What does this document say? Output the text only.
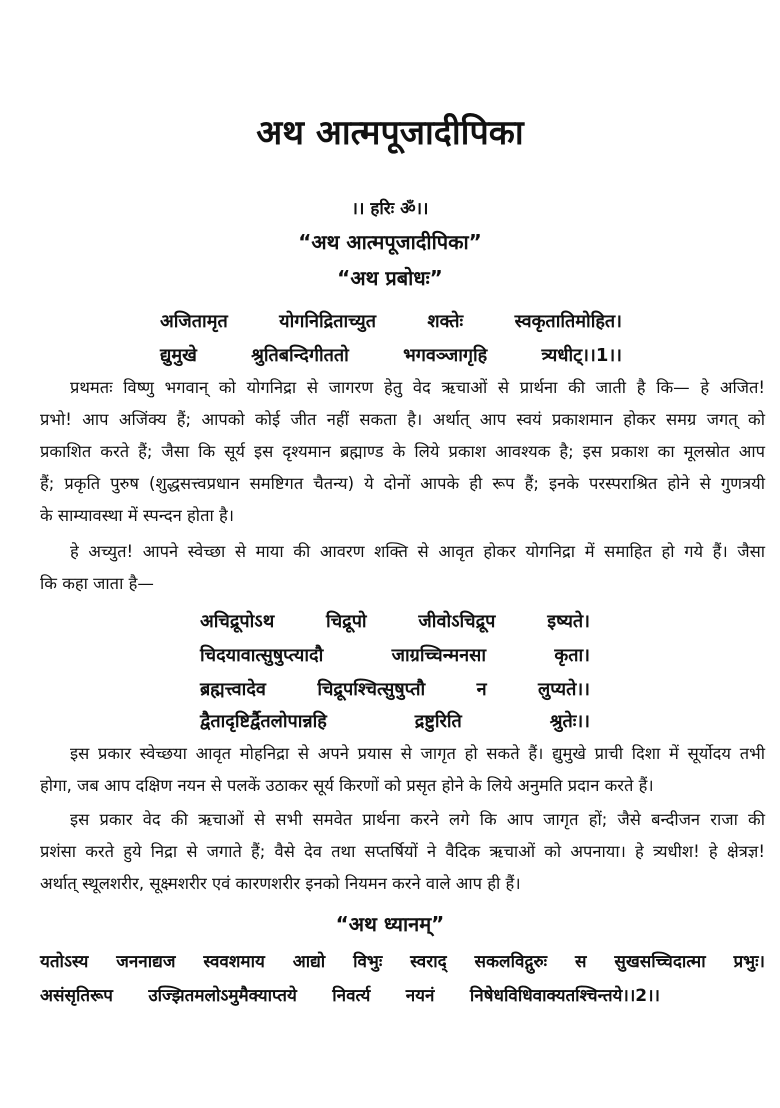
अथ आत्मपूजादीपिका
।। हरिः ॐ।।
“अथ आत्मपूजादीपिका”
“अथ प्रबोधः”
अजितामृत योगनिद्रिताच्युत शक्तेः स्वकृतातिमोहित।
द्युमुखे श्रुतिबन्दिगीततो भगवञ्जागृहि त्र्यधीट्।।1।।
प्रथमतः विष्णु भगवान् को योगनिद्रा से जागरण हेतु वेद ऋचाओं से प्रार्थना की जाती है कि— हे अजित!
प्रभो! आप अजिंक्य हैं; आपको कोई जीत नहीं सकता है। अर्थात् आप स्वयं प्रकाशमान होकर समग्र जगत् को
प्रकाशित करते हैं; जैसा कि सूर्य इस दृश्यमान ब्रह्माण्ड के लिये प्रकाश आवश्यक है; इस प्रकाश का मूलस्रोत आप
हैं; प्रकृति पुरुष (शुद्धसत्त्वप्रधान समष्टिगत चैतन्य) ये दोनों आपके ही रूप हैं; इनके परस्पराश्रित होने से गुणत्रयी
के साम्यावस्था में स्पन्दन होता है।
हे अच्युत! आपने स्वेच्छा से माया की आवरण शक्ति से आवृत होकर योगनिद्रा में समाहित हो गये हैं। जैसा
कि कहा जाता है—
अचिद्रूपोऽथ चिद्रूपो जीवोऽचिद्रूप इष्यते।
चिदयावात्सुषुप्त्यादौ जाग्रच्चिन्मनसा कृता।
ब्रह्मत्त्वादेव चिद्रूपश्चित्सुषुप्तौ न लुप्यते।।
द्वैतादृष्टिर्द्वैतलोपान्नहि द्रष्टुरिति श्रुतेः।।
इस प्रकार स्वेच्छया आवृत मोहनिद्रा से अपने प्रयास से जागृत हो सकते हैं। द्युमुखे प्राची दिशा में सूर्योदय तभी
होगा, जब आप दक्षिण नयन से पलकें उठाकर सूर्य किरणों को प्रसृत होने के लिये अनुमति प्रदान करते हैं।
इस प्रकार वेद की ऋचाओं से सभी समवेत प्रार्थना करने लगे कि आप जागृत हों; जैसे बन्दीजन राजा की
प्रशंसा करते हुये निद्रा से जगाते हैं; वैसे देव तथा सप्तर्षियों ने वैदिक ऋचाओं को अपनाया। हे त्र्यधीश! हे क्षेत्रज्ञ!
अर्थात् स्थूलशरीर, सूक्ष्मशरीर एवं कारणशरीर इनको नियमन करने वाले आप ही हैं।
“अथ ध्यानम्”
यतोऽस्य जननाद्यज स्ववशमाय आद्यो विभुः स्वराद् सकलविद्गुरुः स सुखसच्चिदात्मा प्रभुः।
असंसृतिरूप उज्झितमलोऽमुमैक्याप्तये निवर्त्य नयनं निषेधविधिवाक्यतश्चिन्तये।।2।।
